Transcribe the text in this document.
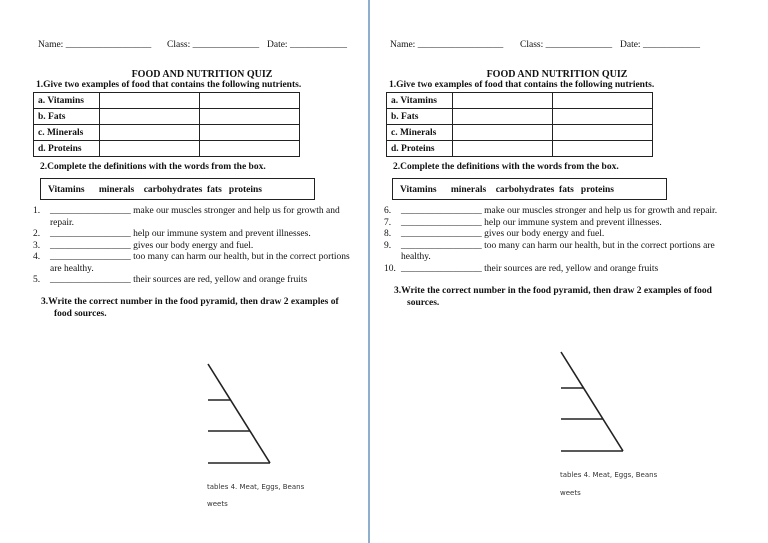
Name: __________________ Class: ______________ Date: ____________
FOOD AND NUTRITION QUIZ
1.Give two examples of food that contains the following nutrients.
a. Vitamins		
b. Fats		
c. Minerals		
d. Proteins		
2.Complete the definitions with the words from the box.
Vitamins      minerals    carbohydrates  fats   proteins
1. _________________ make our muscles stronger and help us for growth and
repair.
2. _________________ help our immune system and prevent illnesses.
3. _________________ gives our body energy and fuel.
4. _________________ too many can harm our health, but in the correct portions
are healthy.
5. _________________ their sources are red, yellow and orange fruits
3.Write the correct number in the food pyramid, then draw 2 examples of
food sources.
tables 4. Meat, Eggs, Beans
weets
Name: __________________ Class: ______________ Date: ____________
FOOD AND NUTRITION QUIZ
1.Give two examples of food that contains the following nutrients.
a. Vitamins		
b. Fats		
c. Minerals		
d. Proteins		
2.Complete the definitions with the words from the box.
Vitamins      minerals    carbohydrates  fats   proteins
6. _________________ make our muscles stronger and help us for growth and repair.
7. _________________ help our immune system and prevent illnesses.
8. _________________ gives our body energy and fuel.
9. _________________ too many can harm our health, but in the correct portions are
healthy.
10. _________________ their sources are red, yellow and orange fruits
3.Write the correct number in the food pyramid, then draw 2 examples of food
sources.
tables 4. Meat, Eggs, Beans
weets
